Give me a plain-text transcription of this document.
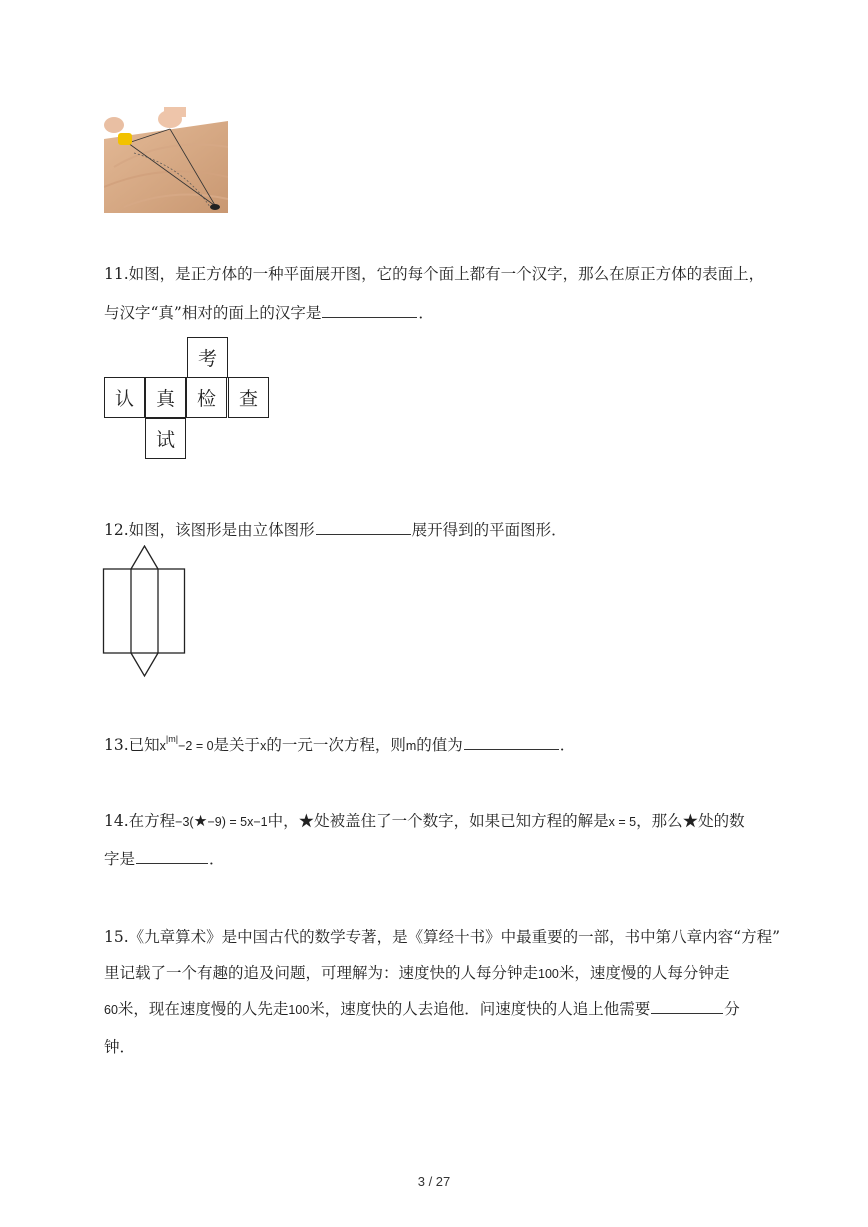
11.如图，是正方体的一种平面展开图，它的每个面上都有一个汉字，那么在原正方体的表面上，
与汉字“真”相对的面上的汉字是	．
考
认	真	检	查
试
12.如图，该图形是由立体图形	展开得到的平面图形．
13.已知$x^{|m|}-2 = 0$是关于x的一元一次方程，则m的值为	．
14.在方程−3(★−9) = 5x−1中，★处被盖住了一个数字，如果已知方程的解是x = 5，那么★处的数
字是	．
15.《九章算术》是中国古代的数学专著，是《算经十书》中最重要的一部，书中第八章内容“方程”
里记载了一个有趣的追及问题，可理解为：速度快的人每分钟走100米，速度慢的人每分钟走
60米，现在速度慢的人先走100米，速度快的人去追他．问速度快的人追上他需要	分
钟．
3 / 27
